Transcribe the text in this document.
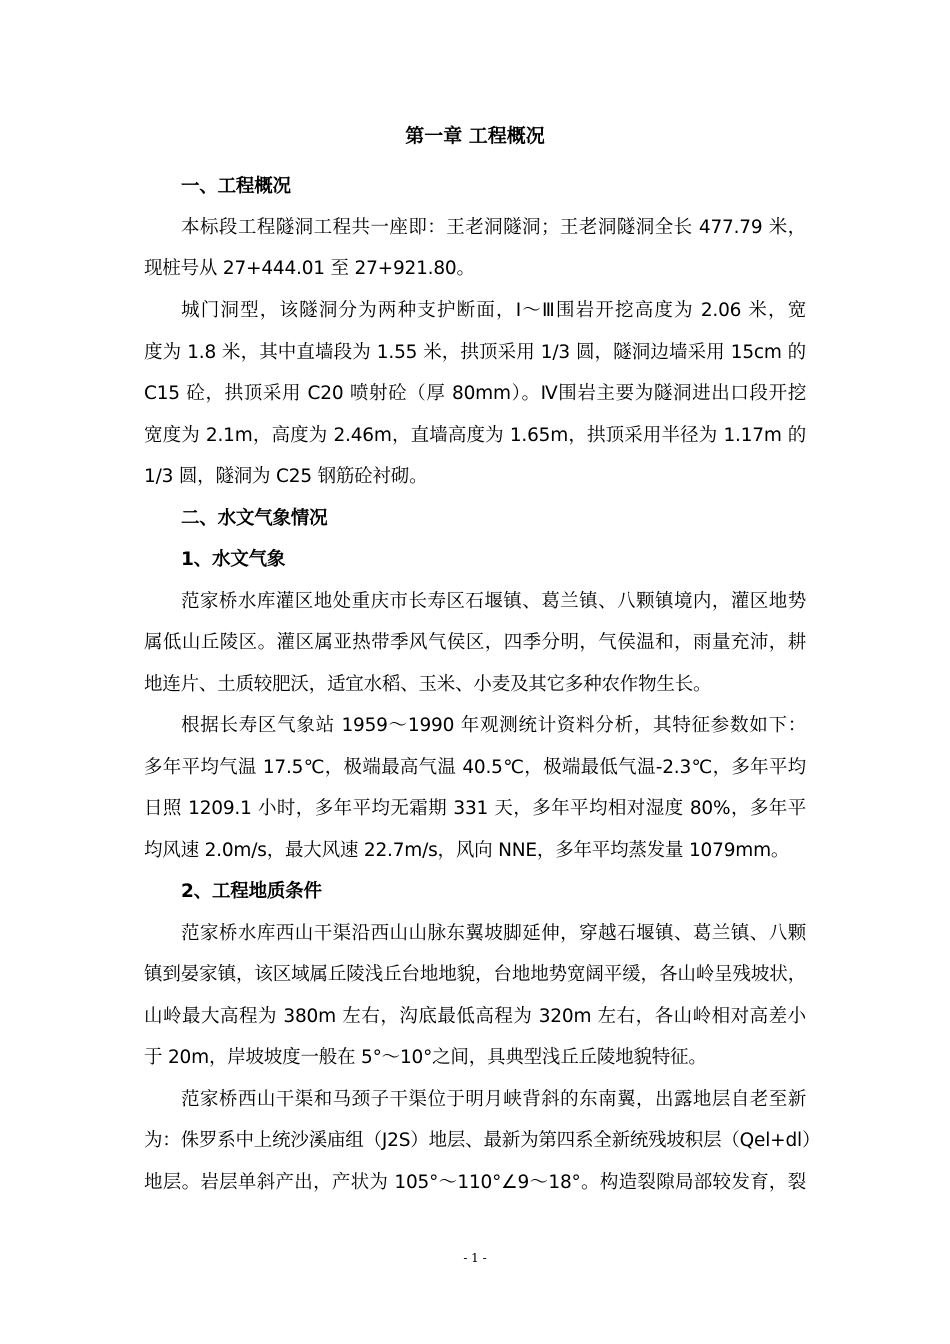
第一章 工程概况
一、工程概况
本标段工程隧洞工程共一座即：王老洞隧洞；王老洞隧洞全长 477.79 米，
现桩号从 27+444.01 至 27+921.80。
城门洞型，该隧洞分为两种支护断面，Ⅰ～Ⅲ围岩开挖高度为 2.06 米，宽
度为 1.8 米，其中直墙段为 1.55 米，拱顶采用 1/3 圆，隧洞边墙采用 15cm 的
C15 砼，拱顶采用 C20 喷射砼（厚 80mm）。Ⅳ围岩主要为隧洞进出口段开挖
宽度为 2.1m，高度为 2.46m，直墙高度为 1.65m，拱顶采用半径为 1.17m 的
1/3 圆，隧洞为 C25 钢筋砼衬砌。
二、水文气象情况
1、水文气象
范家桥水库灌区地处重庆市长寿区石堰镇、葛兰镇、八颗镇境内，灌区地势
属低山丘陵区。灌区属亚热带季风气侯区，四季分明，气侯温和，雨量充沛，耕
地连片、土质较肥沃，适宜水稻、玉米、小麦及其它多种农作物生长。
根据长寿区气象站 1959～1990 年观测统计资料分析，其特征参数如下：
多年平均气温 17.5℃，极端最高气温 40.5℃，极端最低气温-2.3℃，多年平均
日照 1209.1 小时，多年平均无霜期 331 天，多年平均相对湿度 80%，多年平
均风速 2.0m/s，最大风速 22.7m/s，风向 NNE，多年平均蒸发量 1079mm。
2、工程地质条件
范家桥水库西山干渠沿西山山脉东翼坡脚延伸，穿越石堰镇、葛兰镇、八颗
镇到晏家镇，该区域属丘陵浅丘台地地貌，台地地势宽阔平缓，各山岭呈残坡状，
山岭最大高程为 380m 左右，沟底最低高程为 320m 左右，各山岭相对高差小
于 20m，岸坡坡度一般在 5°～10°之间，具典型浅丘丘陵地貌特征。
范家桥西山干渠和马颈子干渠位于明月峡背斜的东南翼，出露地层自老至新
为：侏罗系中上统沙溪庙组（J2S）地层、最新为第四系全新统残坡积层（Qel+dl）
地层。岩层单斜产出，产状为 105°～110°∠9～18°。构造裂隙局部较发育，裂
- 1 -
